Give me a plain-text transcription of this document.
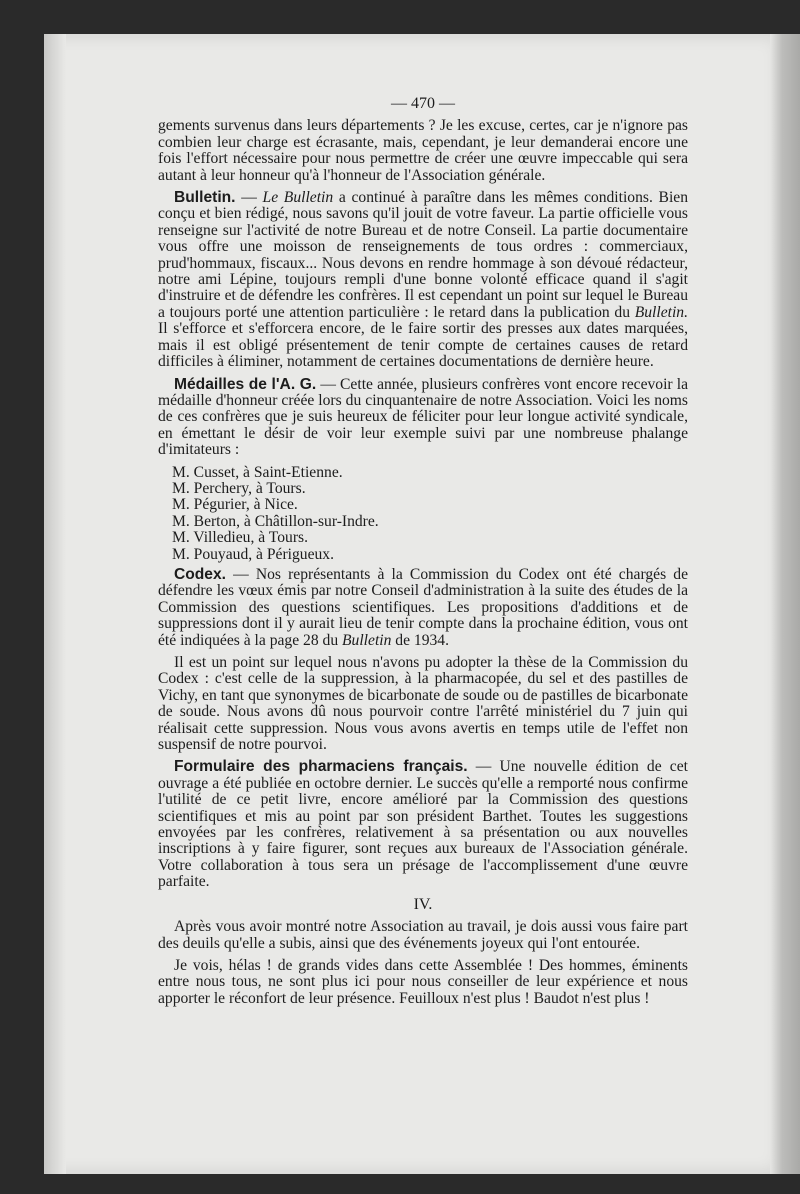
— 470 —

gements survenus dans leurs départements ? Je les excuse, certes, car je n'ignore pas combien leur charge est écrasante, mais, cependant, je leur demanderai encore une fois l'effort nécessaire pour nous permettre de créer une œuvre impeccable qui sera autant à leur honneur qu'à l'honneur de l'Association générale.

Bulletin. — Le Bulletin a continué à paraître dans les mêmes conditions. Bien conçu et bien rédigé, nous savons qu'il jouit de votre faveur. La partie officielle vous renseigne sur l'activité de notre Bureau et de notre Conseil. La partie documentaire vous offre une moisson de renseignements de tous ordres : commerciaux, prud'hommaux, fiscaux... Nous devons en rendre hommage à son dévoué rédacteur, notre ami Lépine, toujours rempli d'une bonne volonté efficace quand il s'agit d'instruire et de défendre les confrères. Il est cependant un point sur lequel le Bureau a toujours porté une attention particulière : le retard dans la publication du Bulletin. Il s'efforce et s'efforcera encore, de le faire sortir des presses aux dates marquées, mais il est obligé présentement de tenir compte de certaines causes de retard difficiles à éliminer, notamment de certaines documentations de dernière heure.

Médailles de l'A. G. — Cette année, plusieurs confrères vont encore recevoir la médaille d'honneur créée lors du cinquantenaire de notre Association. Voici les noms de ces confrères que je suis heureux de féliciter pour leur longue activité syndicale, en émettant le désir de voir leur exemple suivi par une nombreuse phalange d'imitateurs :

M. Cusset, à Saint-Etienne.
M. Perchery, à Tours.
M. Pégurier, à Nice.
M. Berton, à Châtillon-sur-Indre.
M. Villedieu, à Tours.
M. Pouyaud, à Périgueux.

Codex. — Nos représentants à la Commission du Codex ont été chargés de défendre les vœux émis par notre Conseil d'administration à la suite des études de la Commission des questions scientifiques. Les propositions d'additions et de suppressions dont il y aurait lieu de tenir compte dans la prochaine édition, vous ont été indiquées à la page 28 du Bulletin de 1934.

Il est un point sur lequel nous n'avons pu adopter la thèse de la Commission du Codex : c'est celle de la suppression, à la pharmacopée, du sel et des pastilles de Vichy, en tant que synonymes de bicarbonate de soude ou de pastilles de bicarbonate de soude. Nous avons dû nous pourvoir contre l'arrêté ministériel du 7 juin qui réalisait cette suppression. Nous vous avons avertis en temps utile de l'effet non suspensif de notre pourvoi.

Formulaire des pharmaciens français. — Une nouvelle édition de cet ouvrage a été publiée en octobre dernier. Le succès qu'elle a remporté nous confirme l'utilité de ce petit livre, encore amélioré par la Commission des questions scientifiques et mis au point par son président Barthet. Toutes les suggestions envoyées par les confrères, relativement à sa présentation ou aux nouvelles inscriptions à y faire figurer, sont reçues aux bureaux de l'Association générale. Votre collaboration à tous sera un présage de l'accomplissement d'une œuvre parfaite.

IV.

Après vous avoir montré notre Association au travail, je dois aussi vous faire part des deuils qu'elle a subis, ainsi que des événements joyeux qui l'ont entourée.

Je vois, hélas ! de grands vides dans cette Assemblée ! Des hommes, éminents entre nous tous, ne sont plus ici pour nous conseiller de leur expérience et nous apporter le réconfort de leur présence. Feuilloux n'est plus ! Baudot n'est plus !
